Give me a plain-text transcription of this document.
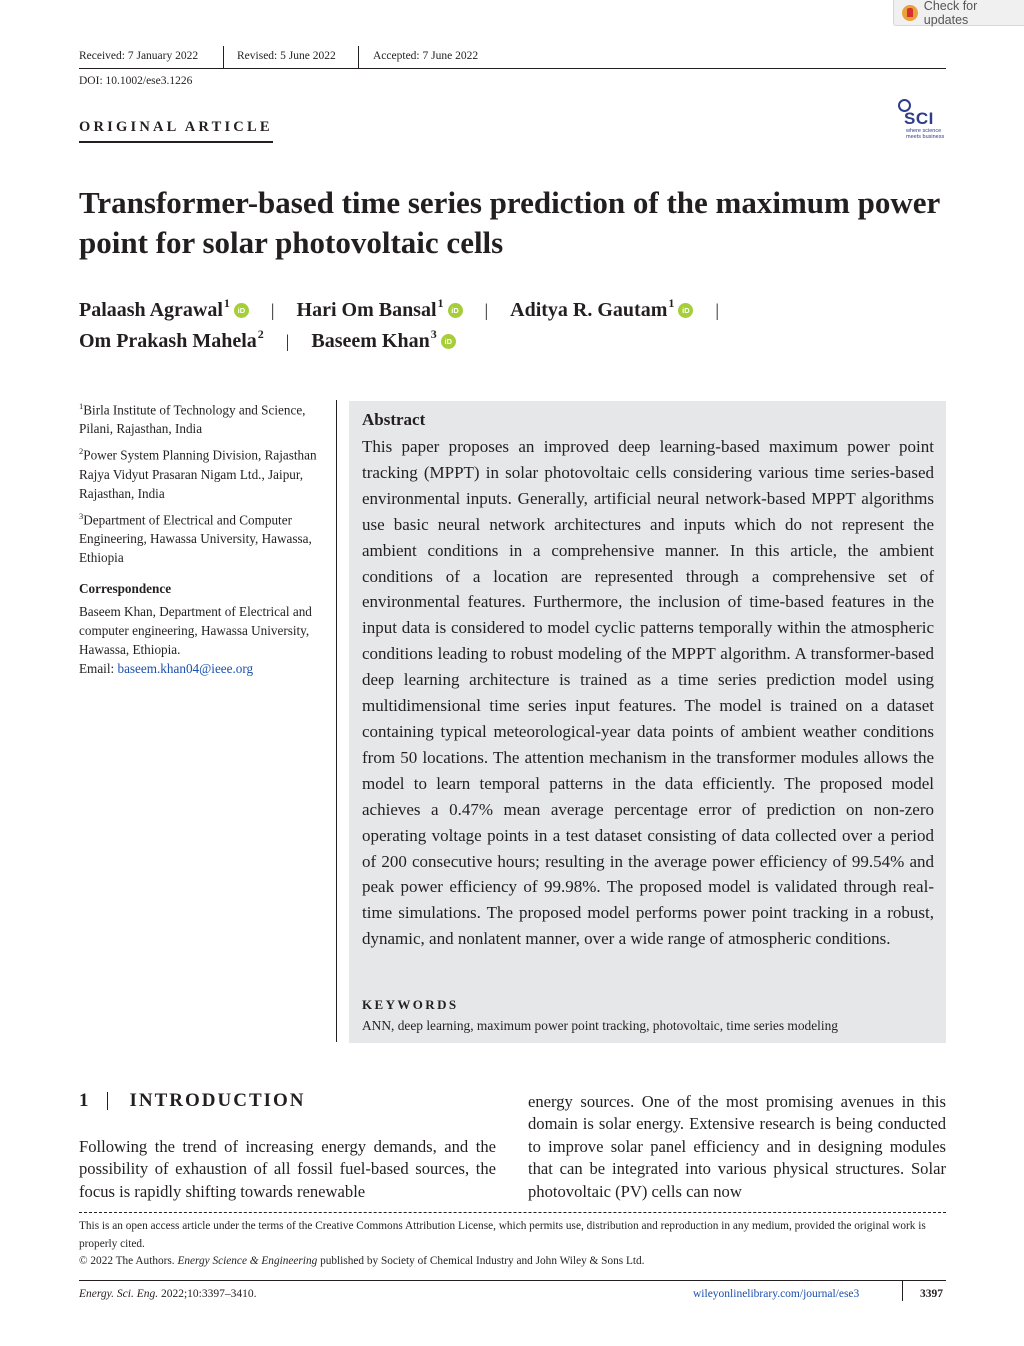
Check for updates
Received: 7 January 2022	Revised: 5 June 2022	Accepted: 7 June 2022
DOI: 10.1002/ese3.1226
ORIGINAL ARTICLE	SCI
where science
meets business
Transformer-based time series prediction of the maximum power point for solar photovoltaic cells
Palaash Agrawal$^1$
iD | Hari Om Bansal$^1$
iD | Aditya R. Gautam$^1$
iD |
Om Prakash Mahela$^2$ | Baseem Khan$^3$
iD

$^1$Birla Institute of Technology and Science, Pilani, Rajasthan, India

$^2$Power System Planning Division, Rajasthan Rajya Vidyut Prasaran Nigam Ltd., Jaipur, Rajasthan, India

$^3$Department of Electrical and Computer Engineering, Hawassa University, Hawassa, Ethiopia

Correspondence

Baseem Khan, Department of Electrical and computer engineering, Hawassa University, Hawassa, Ethiopia.
Email: baseem.khan04@ieee.org

Abstract

This paper proposes an improved deep learning-based maximum power point tracking (MPPT) in solar photovoltaic cells considering various time series-based environmental inputs. Generally, artificial neural network-based MPPT algorithms use basic neural network architectures and inputs which do not represent the ambient conditions in a comprehensive manner. In this article, the ambient conditions of a location are represented through a comprehensive set of environmental features. Furthermore, the inclusion of time-based features in the input data is considered to model cyclic patterns temporally within the atmospheric conditions leading to robust modeling of the MPPT algorithm. A transformer-based deep learning architecture is trained as a time series prediction model using multidimensional time series input features. The model is trained on a dataset containing typical meteorological-year data points of ambient weather conditions from 50 locations. The attention mechanism in the transformer modules allows the model to learn temporal patterns in the data efficiently. The proposed model achieves a 0.47% mean average percentage error of prediction on non-zero operating voltage points in a test dataset consisting of data collected over a period of 200 consecutive hours; resulting in the average power efficiency of 99.54% and peak power efficiency of 99.98%. The proposed model is validated through real-time simulations. The proposed model performs power point tracking in a robust, dynamic, and nonlatent manner, over a wide range of atmospheric conditions.

KEYWORDS
ANN, deep learning, maximum power point tracking, photovoltaic, time series modeling
1 INTRODUCTION

Following the trend of increasing energy demands, and the possibility of exhaustion of all fossil fuel-based sources, the focus is rapidly shifting towards renewable

energy sources. One of the most promising avenues in this domain is solar energy. Extensive research is being conducted to improve solar panel efficiency and in designing modules that can be integrated into various physical structures. Solar photovoltaic (PV) cells can now

This is an open access article under the terms of the Creative Commons Attribution License, which permits use, distribution and reproduction in any medium, provided the original work is properly cited.

© 2022 The Authors. Energy Science & Engineering published by Society of Chemical Industry and John Wiley & Sons Ltd.

Energy. Sci. Eng. 2022;10:3397–3410.	wileyonlinelibrary.com/journal/ese3	3397
